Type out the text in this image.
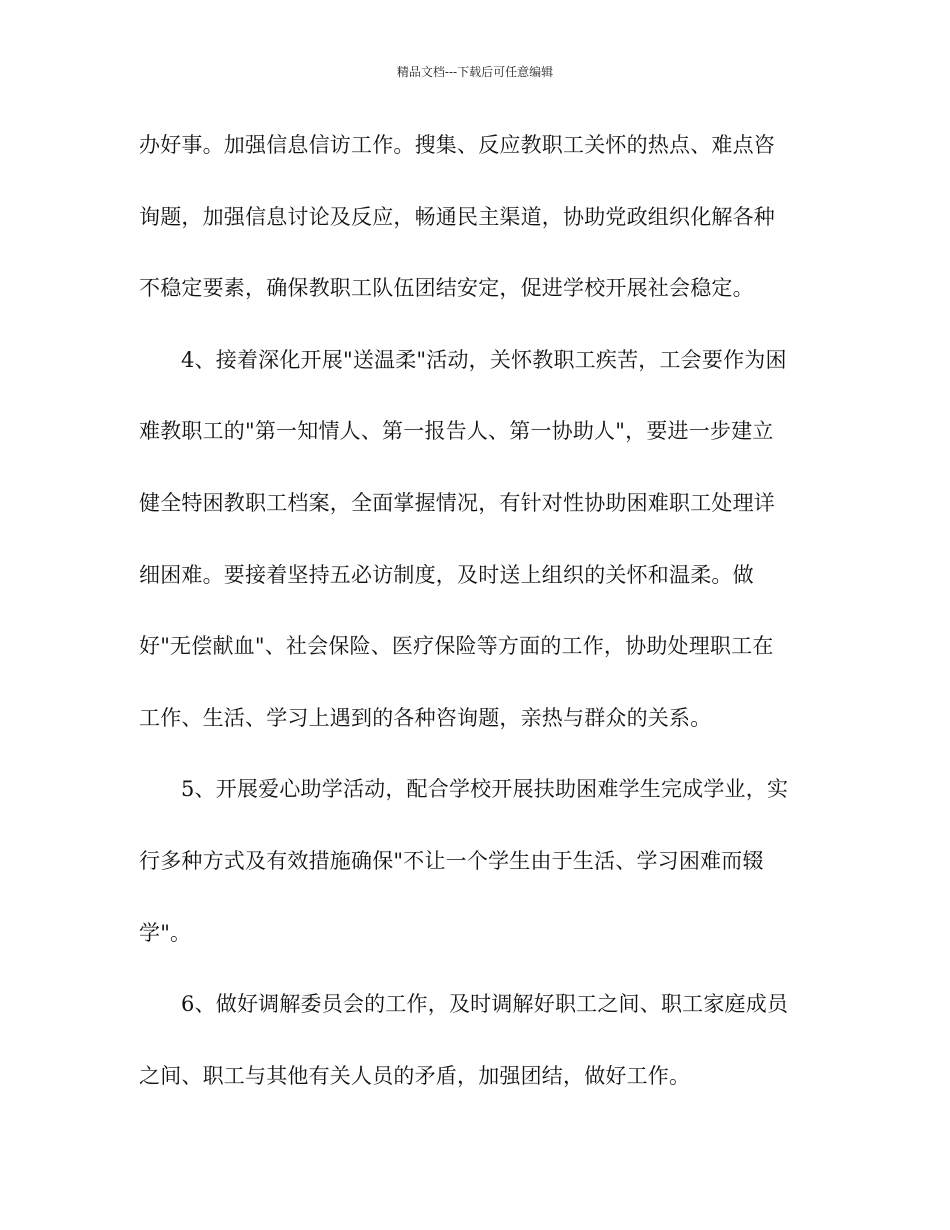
精品文档---下载后可任意编辑
办好事。加强信息信访工作。搜集、反应教职工关怀的热点、难点咨
询题，加强信息讨论及反应，畅通民主渠道，协助党政组织化解各种
不稳定要素，确保教职工队伍团结安定，促进学校开展社会稳定。
4、接着深化开展"送温柔"活动，关怀教职工疾苦，工会要作为困
难教职工的"第一知情人、第一报告人、第一协助人"，要进一步建立
健全特困教职工档案，全面掌握情况，有针对性协助困难职工处理详
细困难。要接着坚持五必访制度，及时送上组织的关怀和温柔。做
好"无偿献血"、社会保险、医疗保险等方面的工作，协助处理职工在
工作、生活、学习上遇到的各种咨询题，亲热与群众的关系。
5、开展爱心助学活动，配合学校开展扶助困难学生完成学业，实
行多种方式及有效措施确保"不让一个学生由于生活、学习困难而辍
学"。
6、做好调解委员会的工作，及时调解好职工之间、职工家庭成员
之间、职工与其他有关人员的矛盾，加强团结，做好工作。
